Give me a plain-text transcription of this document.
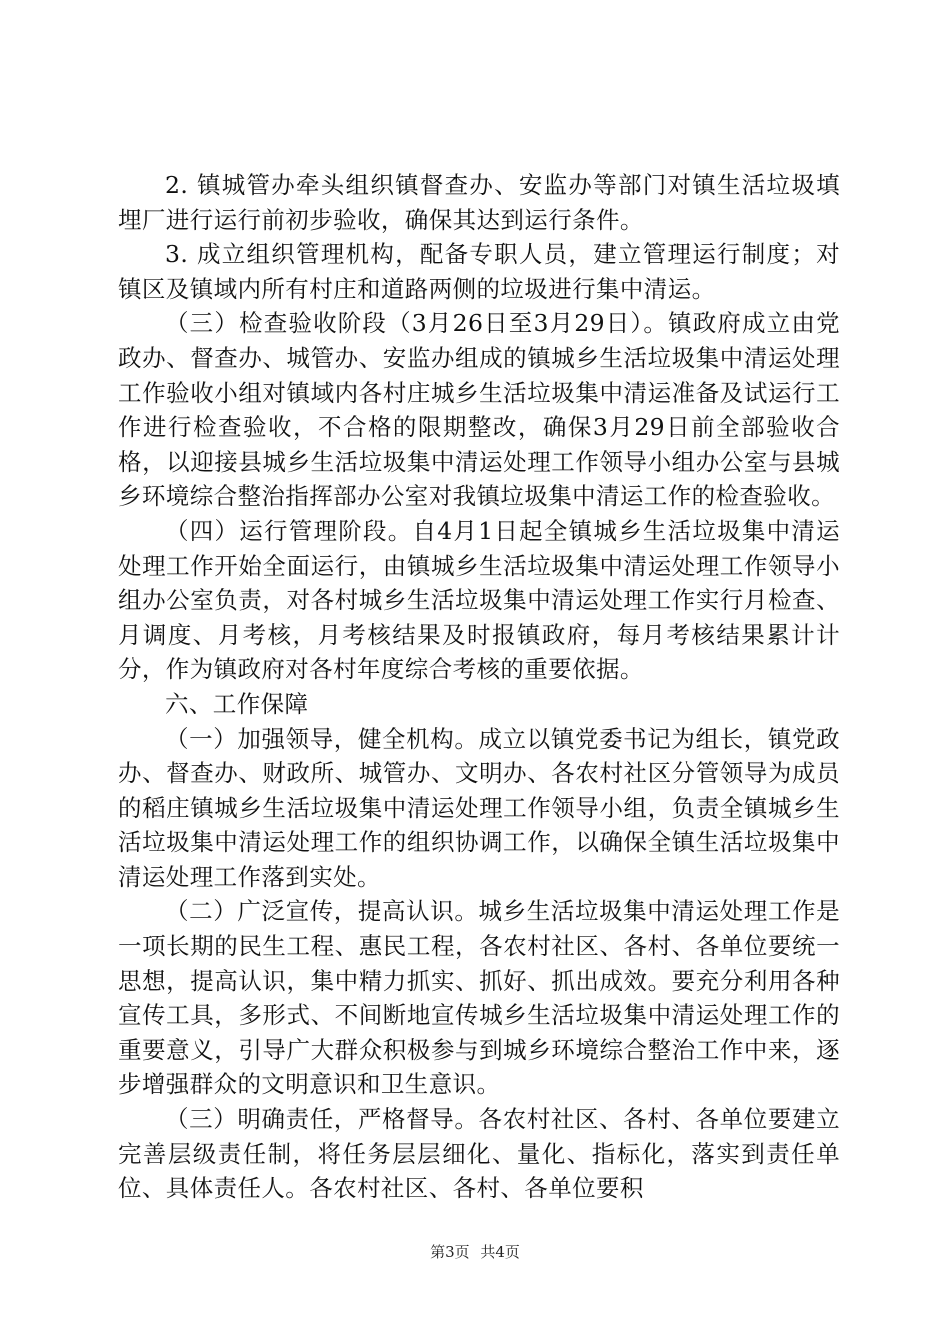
2. 镇城管办牵头组织镇督查办、安监办等部门对镇生活垃圾填埋厂进行运行前初步验收，确保其达到运行条件。

3. 成立组织管理机构，配备专职人员，建立管理运行制度；对镇区及镇域内所有村庄和道路两侧的垃圾进行集中清运。

（三）检查验收阶段（3月26日至3月29日）。镇政府成立由党政办、督查办、城管办、安监办组成的镇城乡生活垃圾集中清运处理工作验收小组对镇域内各村庄城乡生活垃圾集中清运准备及试运行工作进行检查验收，不合格的限期整改，确保3月29日前全部验收合格，以迎接县城乡生活垃圾集中清运处理工作领导小组办公室与县城乡环境综合整治指挥部办公室对我镇垃圾集中清运工作的检查验收。

（四）运行管理阶段。自4月1日起全镇城乡生活垃圾集中清运处理工作开始全面运行，由镇城乡生活垃圾集中清运处理工作领导小组办公室负责，对各村城乡生活垃圾集中清运处理工作实行月检查、月调度、月考核，月考核结果及时报镇政府，每月考核结果累计计分，作为镇政府对各村年度综合考核的重要依据。

六、工作保障

（一）加强领导，健全机构。成立以镇党委书记为组长，镇党政办、督查办、财政所、城管办、文明办、各农村社区分管领导为成员的稻庄镇城乡生活垃圾集中清运处理工作领导小组，负责全镇城乡生活垃圾集中清运处理工作的组织协调工作，以确保全镇生活垃圾集中清运处理工作落到实处。

（二）广泛宣传，提高认识。城乡生活垃圾集中清运处理工作是一项长期的民生工程、惠民工程，各农村社区、各村、各单位要统一思想，提高认识，集中精力抓实、抓好、抓出成效。要充分利用各种宣传工具，多形式、不间断地宣传城乡生活垃圾集中清运处理工作的重要意义，引导广大群众积极参与到城乡环境综合整治工作中来，逐步增强群众的文明意识和卫生意识。

（三）明确责任，严格督导。各农村社区、各村、各单位要建立完善层级责任制，将任务层层细化、量化、指标化，落实到责任单位、具体责任人。各农村社区、各村、各单位要积

第3页 共4页
